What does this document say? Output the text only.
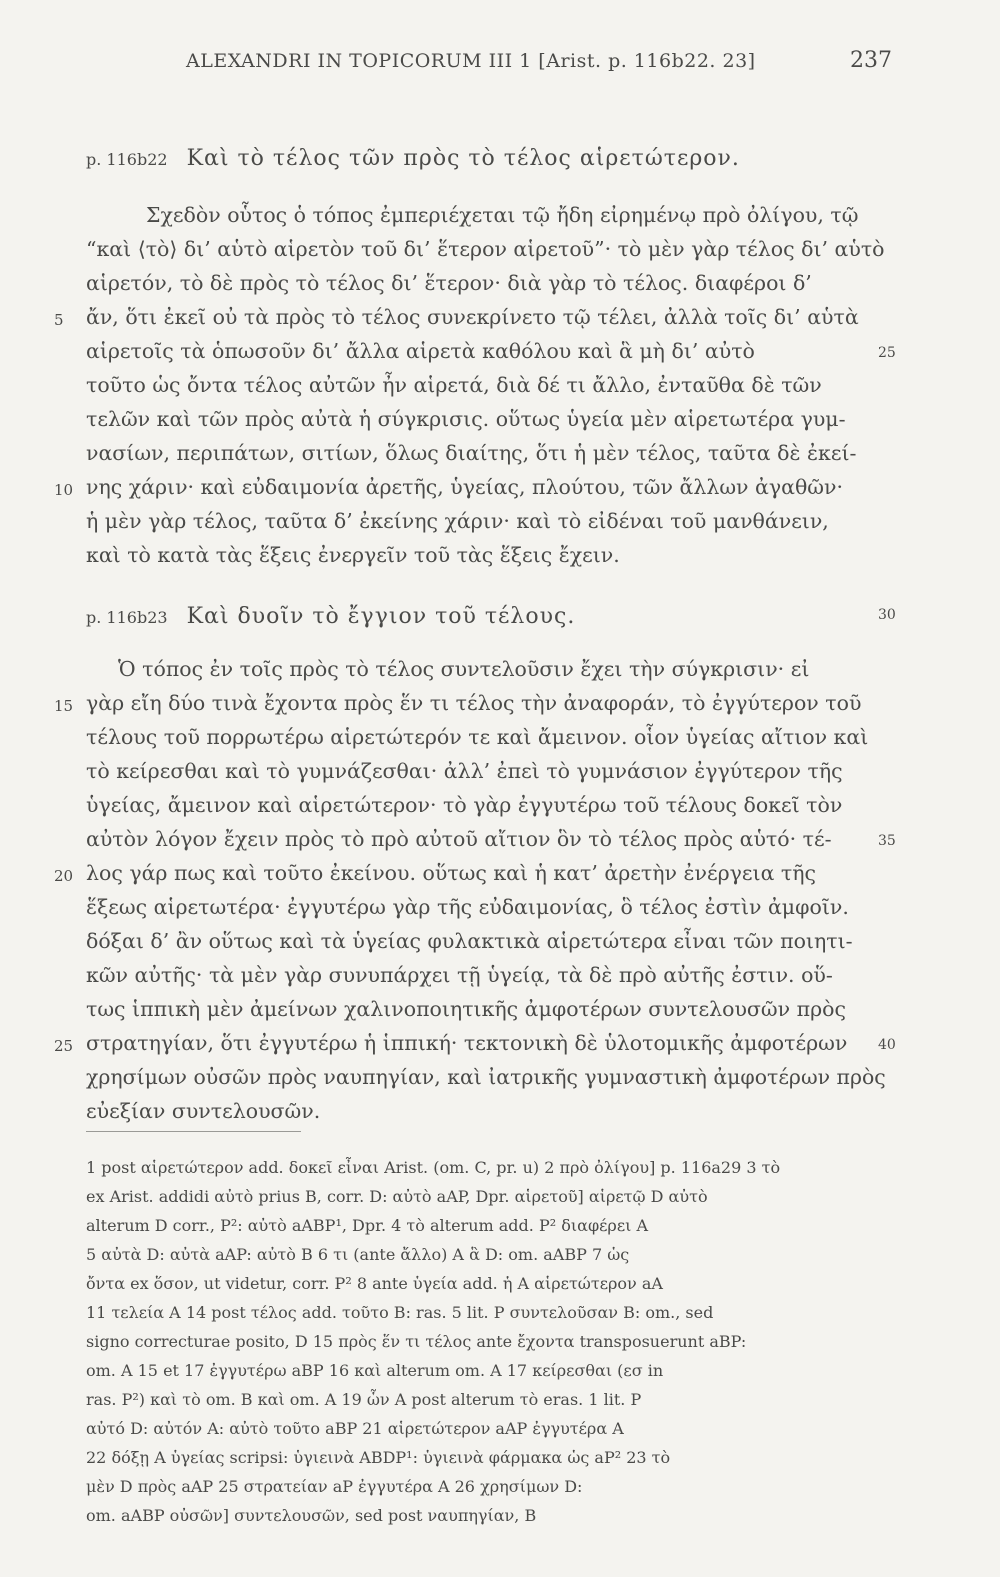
ALEXANDRI IN TOPICORUM III 1 [Arist. p. 116b22. 23]	237
p. 116b22 Καὶ τὸ τέλος τῶν πρὸς τὸ τέλος αἱρετώτερον.
Σχεδὸν οὗτος ὁ τόπος ἐμπεριέχεται τῷ ἤδη εἰρημένῳ πρὸ ὀλίγου, τῷ
“καὶ ⟨τὸ⟩ δι’ αὑτὸ αἱρετὸν τοῦ δι’ ἕτερον αἱρετοῦ”· τὸ μὲν γὰρ τέλος δι’ αὑτὸ
αἱρετόν, τὸ δὲ πρὸς τὸ τέλος δι’ ἕτερον· διὰ γὰρ τὸ τέλος. διαφέροι δ’
ἄν, ὅτι ἐκεῖ οὐ τὰ πρὸς τὸ τέλος συνεκρίνετο τῷ τέλει, ἀλλὰ τοῖς δι’ αὑτὰ
αἱρετοῖς τὰ ὁπωσοῦν δι’ ἄλλα αἱρετὰ καθόλου καὶ ἃ μὴ δι’ αὐτὸ
τοῦτο ὡς ὄντα τέλος αὐτῶν ἦν αἱρετά, διὰ δέ τι ἄλλο, ἐνταῦθα δὲ τῶν
τελῶν καὶ τῶν πρὸς αὐτὰ ἡ σύγκρισις. οὕτως ὑγεία μὲν αἱρετωτέρα γυμ-
νασίων, περιπάτων, σιτίων, ὅλως διαίτης, ὅτι ἡ μὲν τέλος, ταῦτα δὲ ἐκεί-
νης χάριν· καὶ εὐδαιμονία ἀρετῆς, ὑγείας, πλούτου, τῶν ἄλλων ἀγαθῶν·
ἡ μὲν γὰρ τέλος, ταῦτα δ’ ἐκείνης χάριν· καὶ τὸ εἰδέναι τοῦ μανθάνειν,
καὶ τὸ κατὰ τὰς ἕξεις ἐνεργεῖν τοῦ τὰς ἕξεις ἔχειν.
p. 116b23 Καὶ δυοῖν τὸ ἔγγιον τοῦ τέλους.
Ὁ τόπος ἐν τοῖς πρὸς τὸ τέλος συντελοῦσιν ἔχει τὴν σύγκρισιν· εἰ
γὰρ εἴη δύο τινὰ ἔχοντα πρὸς ἕν τι τέλος τὴν ἀναφοράν, τὸ ἐγγύτερον τοῦ
τέλους τοῦ πορρωτέρω αἱρετώτερόν τε καὶ ἄμεινον. οἷον ὑγείας αἴτιον καὶ
τὸ κείρεσθαι καὶ τὸ γυμνάζεσθαι· ἀλλ’ ἐπεὶ τὸ γυμνάσιον ἐγγύτερον τῆς
ὑγείας, ἄμεινον καὶ αἱρετώτερον· τὸ γὰρ ἐγγυτέρω τοῦ τέλους δοκεῖ τὸν
αὐτὸν λόγον ἔχειν πρὸς τὸ πρὸ αὐτοῦ αἴτιον ὃν τὸ τέλος πρὸς αὑτό· τέ-
λος γάρ πως καὶ τοῦτο ἐκείνου. οὕτως καὶ ἡ κατ’ ἀρετὴν ἐνέργεια τῆς
ἕξεως αἱρετωτέρα· ἐγγυτέρω γὰρ τῆς εὐδαιμονίας, ὃ τέλος ἐστὶν ἀμφοῖν.
δόξαι δ’ ἂν οὕτως καὶ τὰ ὑγείας φυλακτικὰ αἱρετώτερα εἶναι τῶν ποιητι-
κῶν αὐτῆς· τὰ μὲν γὰρ συνυπάρχει τῇ ὑγείᾳ, τὰ δὲ πρὸ αὐτῆς ἐστιν. οὕ-
τως ἱππικὴ μὲν ἀμείνων χαλινοποιητικῆς ἀμφοτέρων συντελουσῶν πρὸς
στρατηγίαν, ὅτι ἐγγυτέρω ἡ ἱππική· τεκτονικὴ δὲ ὑλοτομικῆς ἀμφοτέρων
χρησίμων οὐσῶν πρὸς ναυπηγίαν, καὶ ἰατρικῆς γυμναστικὴ ἀμφοτέρων πρὸς
εὐεξίαν συντελουσῶν.
5
10
15
20
25
25
30
35
40
1 post αἱρετώτερον add. δοκεῖ εἶναι Arist. (om. C, pr. u) 2 πρὸ ὀλίγου] p. 116a29 3 τὸ
ex Arist. addidi αὐτὸ prius B, corr. D: αὐτὸ aAP, Dpr. αἱρετοῦ] αἱρετῷ D αὐτὸ
alterum D corr., P²: αὐτὸ aABP¹, Dpr. 4 τὸ alterum add. P² διαφέρει A
5 αὐτὰ D: αὐτὰ aAP: αὐτὸ B 6 τι (ante ἄλλο) A ἃ D: om. aABP 7 ὡς
ὄντα ex ὅσον, ut videtur, corr. P² 8 ante ὑγεία add. ἡ A αἱρετώτερον aA
11 τελεία A 14 post τέλος add. τοῦτο B: ras. 5 lit. P συντελοῦσαν B: om., sed
signo correcturae posito, D 15 πρὸς ἕν τι τέλος ante ἔχοντα transposuerunt aBP:
om. A 15 et 17 ἐγγυτέρω aBP 16 καὶ alterum om. A 17 κείρεσθαι (εσ in
ras. P²) καὶ τὸ om. B καὶ om. A 19 ὧν A post alterum τὸ eras. 1 lit. P
αὐτό D: αὐτόν A: αὐτὸ τοῦτο aBP 21 αἱρετώτερον aAP ἐγγυτέρα A
22 δόξῃ A ὑγείας scripsi: ὑγιεινὰ ABDP¹: ὑγιεινὰ φάρμακα ὡς aP² 23 τὸ
μὲν D πρὸς aAP 25 στρατείαν aP ἐγγυτέρα A 26 χρησίμων D:
om. aABP οὐσῶν] συντελουσῶν, sed post ναυπηγίαν, B
